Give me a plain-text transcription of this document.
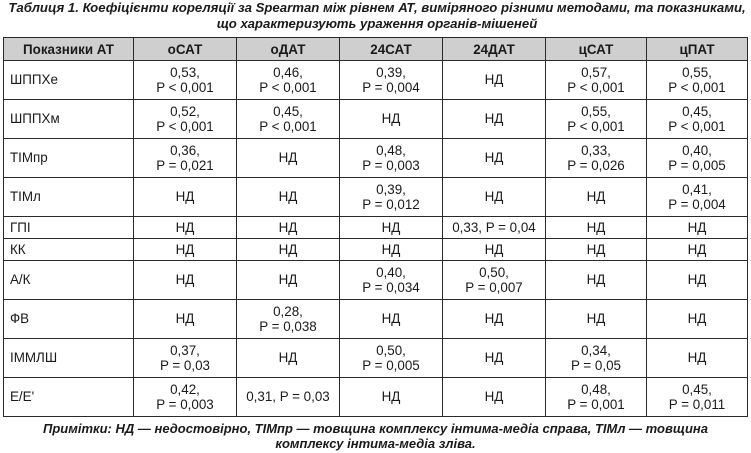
Таблиця 1. Коефіцієнти кореляції за Spearman між рівнем АТ, виміряного різними методами, та показниками, що характеризують ураження органів-мішеней
Показники АТ	оСАТ	оДАТ	24САТ	24ДАТ	цСАТ	цПАТ
ШППХе	0,53,
P < 0,001	0,46,
P < 0,001	0,39,
P = 0,004	НД	0,57,
P < 0,001	0,55,
P < 0,001

ШППХм	0,52,
P < 0,001	0,45,
P < 0,001	НД	НД	0,55,
P < 0,001	0,45,
P < 0,001

ТІМпр	0,36,
P = 0,021	НД	0,48,
P = 0,003	НД	0,33,
P = 0,026	0,40,
P = 0,005

ТІМл	НД	НД	0,39,
P = 0,012	НД	НД	0,41,
P = 0,004

ГПІ	НД	НД	НД	0,33, P = 0,04	НД	НД

КК	НД	НД	НД	НД	НД	НД

А/К	НД	НД	0,40,
P = 0,034	0,50,
P = 0,007	НД	НД

ФВ	НД	0,28,
P = 0,038	НД	НД	НД	НД

ІММЛШ	0,37,
P = 0,03	НД	0,50,
P = 0,005	НД	0,34,
P = 0,05	НД

E/E'	0,42,
P = 0,003	0,31, P = 0,03	НД	НД	0,48,
P = 0,001	0,45,
P = 0,011
Примітки: НД — недостовірно, ТІМпр — товщина комплексу інтима-медіа справа, ТІМл — товщина комплексу інтима-медіа зліва.
